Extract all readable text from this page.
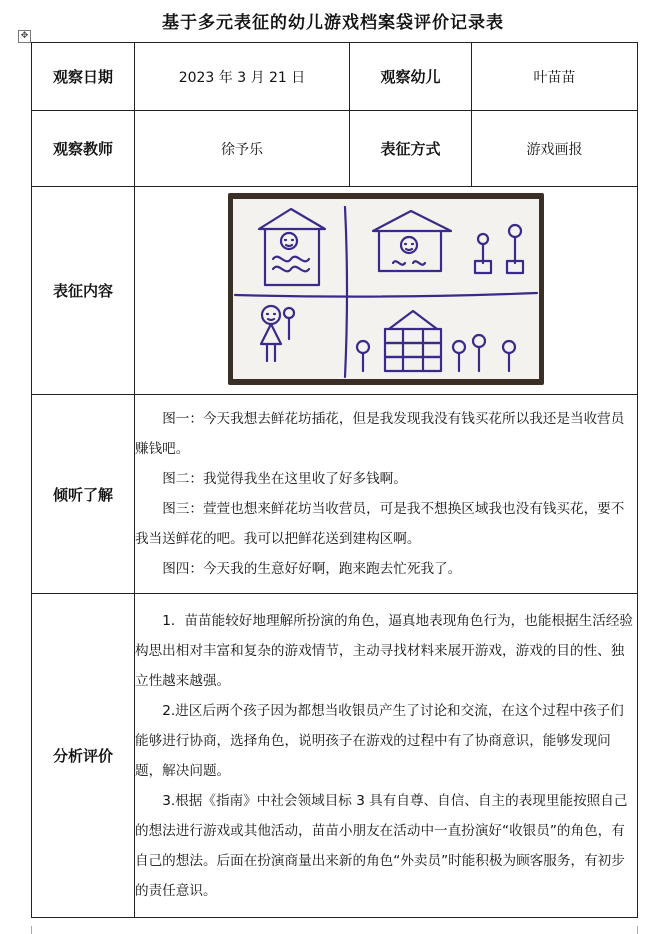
基于多元表征的幼儿游戏档案袋评价记录表
✥
观察日期	2023 年 3 月 21 日	观察幼儿	叶苗苗
观察教师	徐予乐	表征方式	游戏画报
表征内容	

倾听了解	图一：今天我想去鲜花坊插花，但是我发现我没有钱买花所以我还是当收营员赚钱吧。

图二：我觉得我坐在这里收了好多钱啊。

图三：萱萱也想来鲜花坊当收营员，可是我不想换区域我也没有钱买花，要不我当送鲜花的吧。我可以把鲜花送到建构区啊。

图四：今天我的生意好好啊，跑来跑去忙死我了。		

分析评价	1．苗苗能较好地理解所扮演的角色，逼真地表现角色行为，也能根据生活经验构思出相对丰富和复杂的游戏情节，主动寻找材料来展开游戏，游戏的目的性、独立性越来越强。

2.进区后两个孩子因为都想当收银员产生了讨论和交流，在这个过程中孩子们能够进行协商，选择角色，说明孩子在游戏的过程中有了协商意识，能够发现问题，解决问题。

3.根据《指南》中社会领域目标 3 具有自尊、自信、自主的表现里能按照自己的想法进行游戏或其他活动，苗苗小朋友在活动中一直扮演好“收银员”的角色，有自己的想法。后面在扮演商量出来新的角色“外卖员”时能积极为顾客服务，有初步的责任意识。		
